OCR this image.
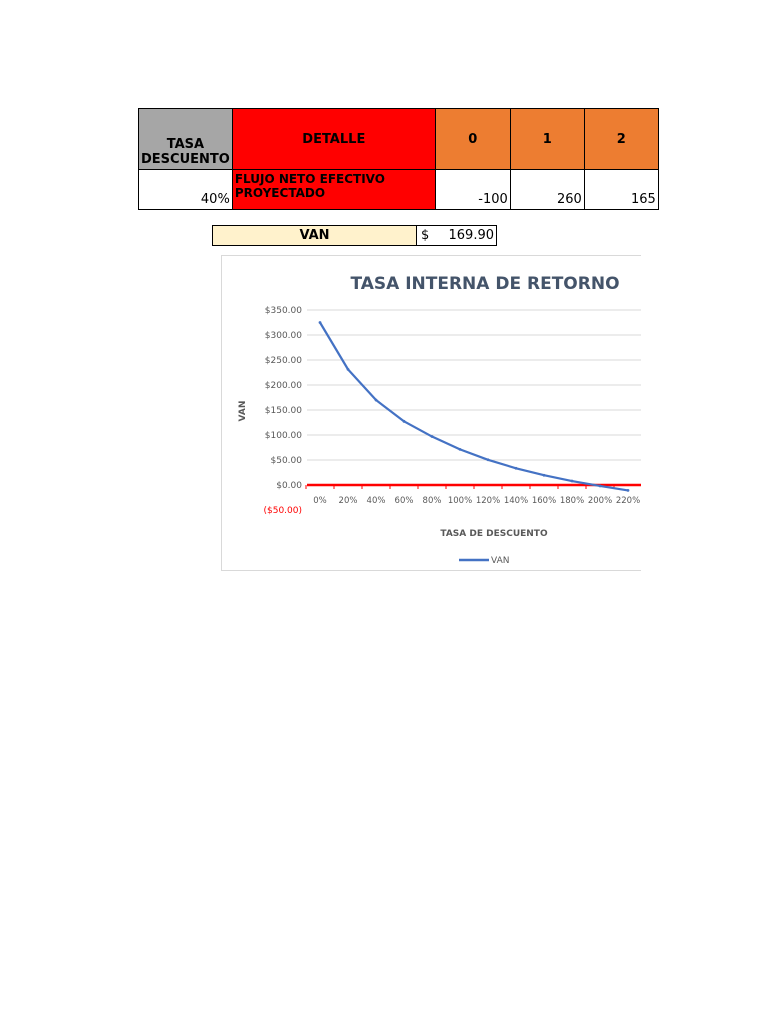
TASA DESCUENTO	DETALLE	0	1	2
40%	FLUJO NETO EFECTIVO PROYECTADO	-100	260	165
VAN	$ 169.90
TASA INTERNA DE RETORNO
$350.00
$300.00
$250.00
$200.00
$150.00
$100.00
$50.00
$0.00
($50.00)
0% 20% 40% 60% 80% 100% 120% 140% 160% 180% 200% 220%
VAN
TASA DE DESCUENTO
VAN
